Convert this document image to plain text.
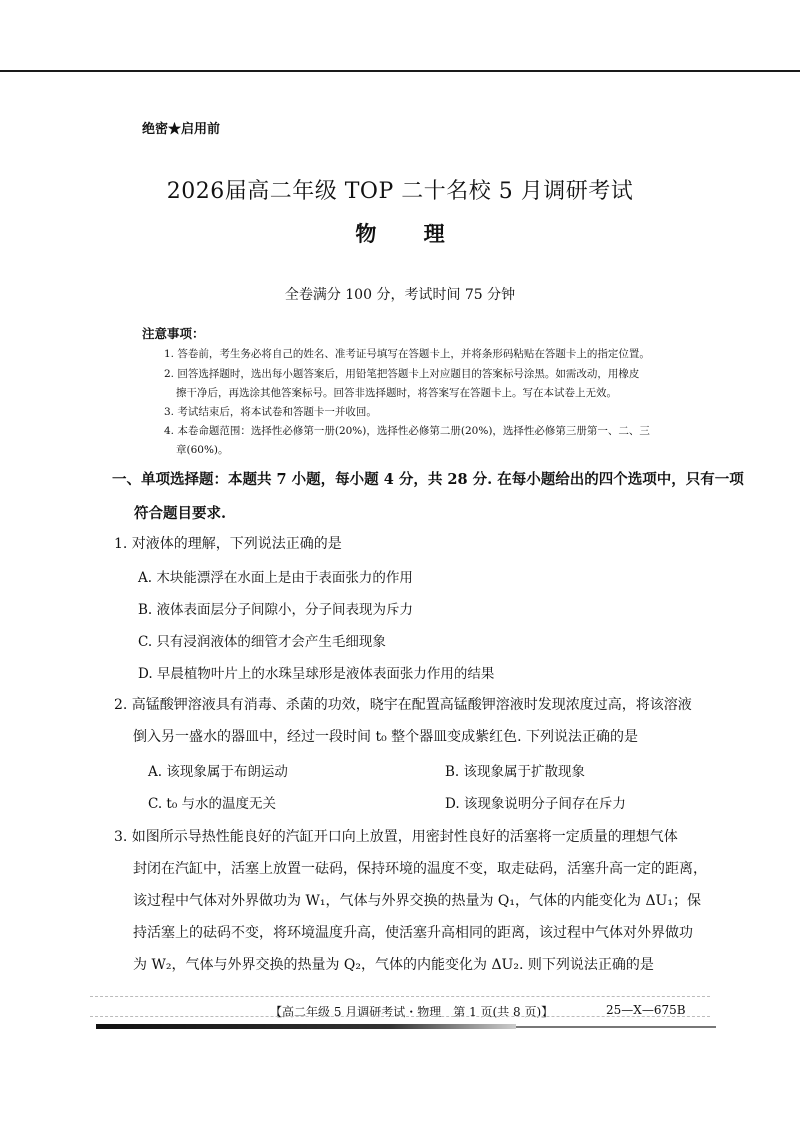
绝密★启用前
2026届高二年级 TOP 二十名校 5 月调研考试
物 理
全卷满分 100 分，考试时间 75 分钟
注意事项：
1. 答卷前，考生务必将自己的姓名、准考证号填写在答题卡上，并将条形码粘贴在答题卡上的指定位置。
2. 回答选择题时，选出每小题答案后，用铅笔把答题卡上对应题目的答案标号涂黑。如需改动，用橡皮
擦干净后，再选涂其他答案标号。回答非选择题时，将答案写在答题卡上。写在本试卷上无效。
3. 考试结束后，将本试卷和答题卡一并收回。
4. 本卷命题范围：选择性必修第一册(20%)，选择性必修第二册(20%)，选择性必修第三册第一、二、三
章(60%)。
一、单项选择题：本题共 7 小题，每小题 4 分，共 28 分. 在每小题给出的四个选项中，只有一项
符合题目要求.
1. 对液体的理解，下列说法正确的是
A. 木块能漂浮在水面上是由于表面张力的作用
B. 液体表面层分子间隙小，分子间表现为斥力
C. 只有浸润液体的细管才会产生毛细现象
D. 早晨植物叶片上的水珠呈球形是液体表面张力作用的结果
2. 高锰酸钾溶液具有消毒、杀菌的功效，晓宇在配置高锰酸钾溶液时发现浓度过高，将该溶液
倒入另一盛水的器皿中，经过一段时间 t₀ 整个器皿变成紫红色. 下列说法正确的是
A. 该现象属于布朗运动	B. 该现象属于扩散现象
C. t₀ 与水的温度无关	D. 该现象说明分子间存在斥力
3. 如图所示导热性能良好的汽缸开口向上放置，用密封性良好的活塞将一定质量的理想气体
封闭在汽缸中，活塞上放置一砝码，保持环境的温度不变，取走砝码，活塞升高一定的距离，
该过程中气体对外界做功为 W₁，气体与外界交换的热量为 Q₁，气体的内能变化为 ΔU₁；保
持活塞上的砝码不变，将环境温度升高，使活塞升高相同的距离，该过程中气体对外界做功
为 W₂，气体与外界交换的热量为 Q₂，气体的内能变化为 ΔU₂. 则下列说法正确的是
【高二年级 5 月调研考试・物理　第 1 页(共 8 页)】	25—X—675B
